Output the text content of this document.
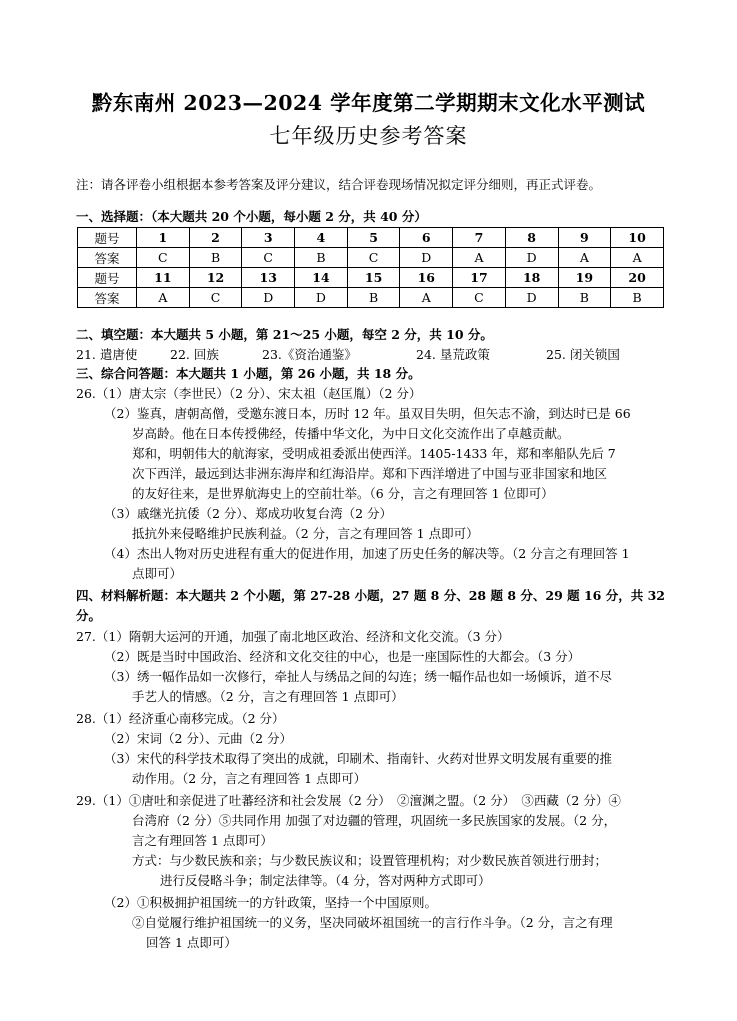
黔东南州 2023—2024 学年度第二学期期末文化水平测试
七年级历史参考答案
注：请各评卷小组根据本参考答案及评分建议，结合评卷现场情况拟定评分细则，再正式评卷。
一、选择题：（本大题共 20 个小题，每小题 2 分，共 40 分）
题号	1	2	3	4	5	6	7	8	9	10
答案	C	B	C	B	C	D	A	D	A	A
题号	11	12	13	14	15	16	17	18	19	20
答案	A	C	D	D	B	A	C	D	B	B
二、填空题：本大题共 5 小题，第 21～25 小题，每空 2 分，共 10 分。
21. 遣唐使	22. 回族	23.《资治通鉴》	24. 垦荒政策	25. 闭关锁国
三、综合问答题：本大题共 1 小题，第 26 小题，共 18 分。
26.（1）唐太宗（李世民）（2 分）、宋太祖（赵匡胤）（2 分）
（2）鉴真，唐朝高僧，受邀东渡日本，历时 12 年。虽双目失明，但矢志不渝，到达时已是 66
岁高龄。他在日本传授佛经，传播中华文化，为中日文化交流作出了卓越贡献。
郑和，明朝伟大的航海家，受明成祖委派出使西洋。1405-1433 年，郑和率船队先后 7
次下西洋，最远到达非洲东海岸和红海沿岸。郑和下西洋增进了中国与亚非国家和地区
的友好往来，是世界航海史上的空前壮举。（6 分，言之有理回答 1 位即可）
（3）戚继光抗倭（2 分）、郑成功收复台湾（2 分）
抵抗外来侵略维护民族利益。（2 分，言之有理回答 1 点即可）
（4）杰出人物对历史进程有重大的促进作用，加速了历史任务的解决等。（2 分言之有理回答 1
点即可）
四、材料解析题：本大题共 2 个小题，第 27-28 小题，27 题 8 分、28 题 8 分、29 题 16 分，共 32
分。
27.（1）隋朝大运河的开通，加强了南北地区政治、经济和文化交流。（3 分）
（2）既是当时中国政治、经济和文化交往的中心，也是一座国际性的大都会。（3 分）
（3）绣一幅作品如一次修行，牵扯人与绣品之间的勾连；绣一幅作品也如一场倾诉，道不尽
手艺人的情感。（2 分，言之有理回答 1 点即可）
28.（1）经济重心南移完成。（2 分）
（2）宋词（2 分）、元曲（2 分）
（3）宋代的科学技术取得了突出的成就，印刷术、指南针、火药对世界文明发展有重要的推
动作用。（2 分，言之有理回答 1 点即可）
29.（1）①唐吐和亲促进了吐蕃经济和社会发展（2 分）　②澶渊之盟。（2 分）　③西藏（2 分）④
台湾府（2 分）⑤共同作用 加强了对边疆的管理，巩固统一多民族国家的发展。（2 分，
言之有理回答 1 点即可）
方式：与少数民族和亲；与少数民族议和；设置管理机构；对少数民族首领进行册封；
进行反侵略斗争；制定法律等。（4 分，答对两种方式即可）
（2）①积极拥护祖国统一的方针政策，坚持一个中国原则。
②自觉履行维护祖国统一的义务，坚决同破坏祖国统一的言行作斗争。（2 分，言之有理
回答 1 点即可）
